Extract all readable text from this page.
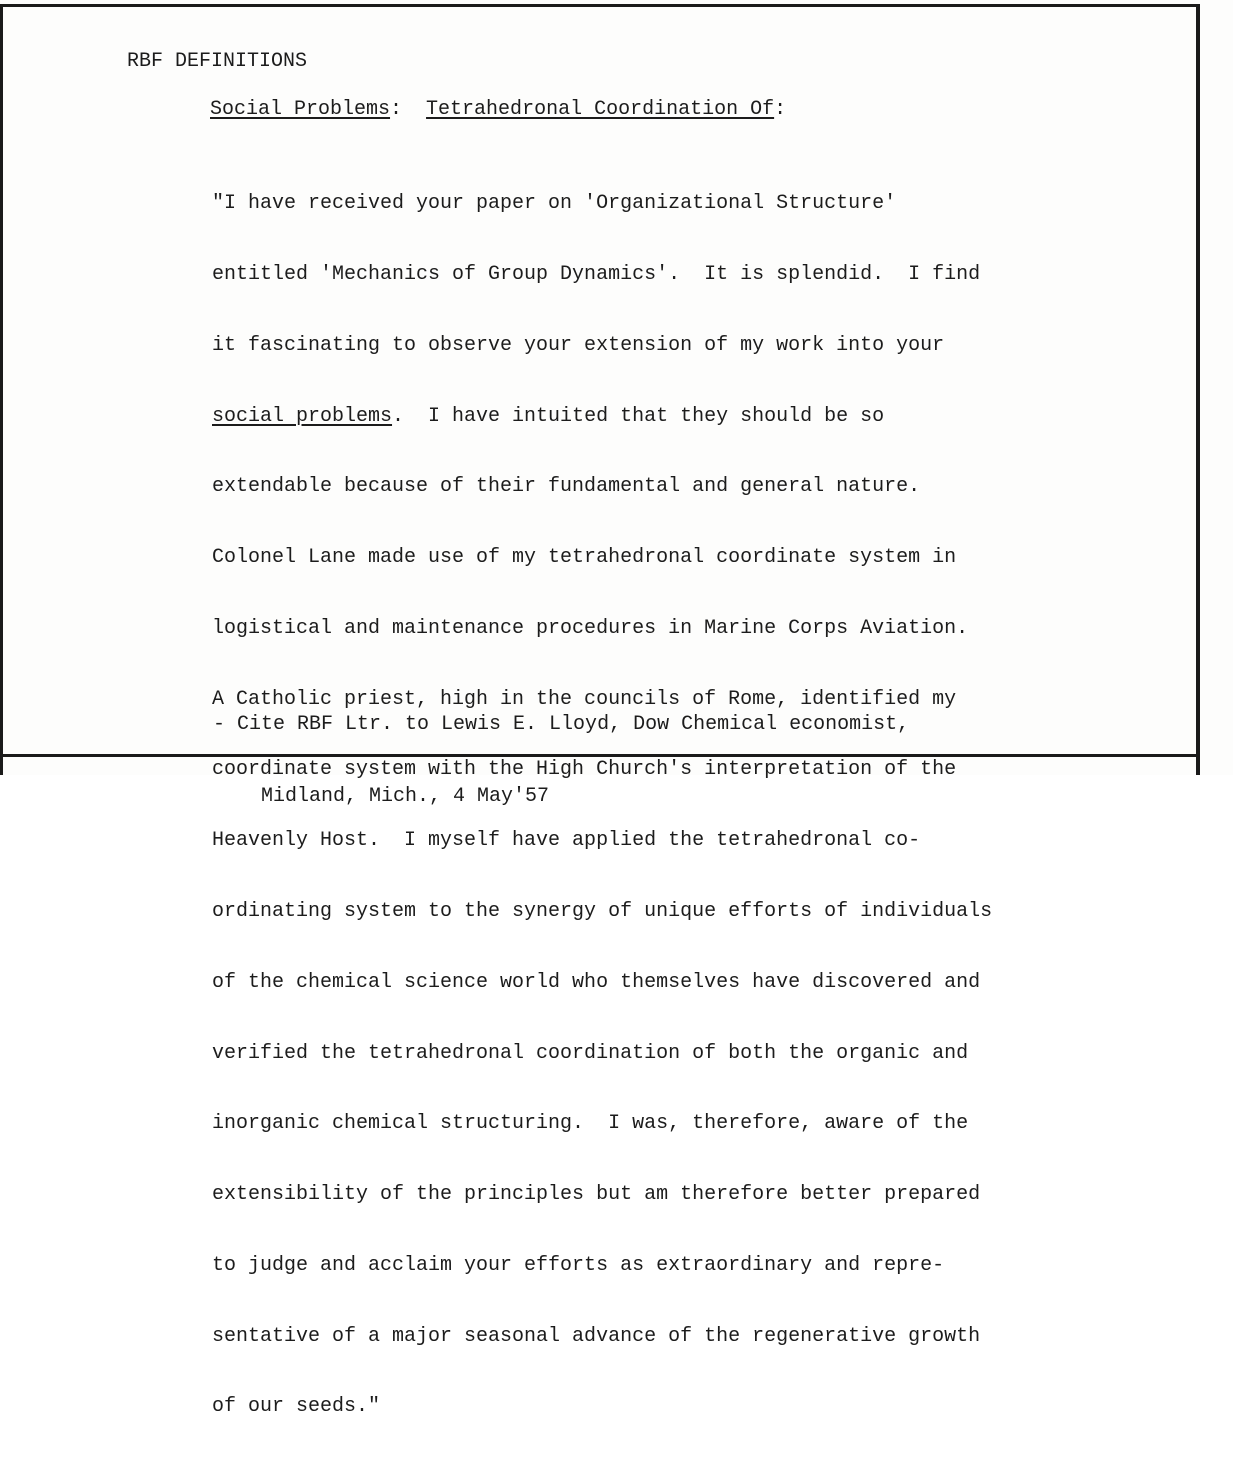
RBF DEFINITIONS
Social Problems:  Tetrahedronal Coordination Of:

"I have received your paper on 'Organizational Structure'

entitled 'Mechanics of Group Dynamics'.  It is splendid.  I find

it fascinating to observe your extension of my work into your

social problems.  I have intuited that they should be so

extendable because of their fundamental and general nature.

Colonel Lane made use of my tetrahedronal coordinate system in

logistical and maintenance procedures in Marine Corps Aviation.

A Catholic priest, high in the councils of Rome, identified my

coordinate system with the High Church's interpretation of the

Heavenly Host.  I myself have applied the tetrahedronal co-

ordinating system to the synergy of unique efforts of individuals

of the chemical science world who themselves have discovered and

verified the tetrahedronal coordination of both the organic and

inorganic chemical structuring.  I was, therefore, aware of the

extensibility of the principles but am therefore better prepared

to judge and acclaim your efforts as extraordinary and repre-

sentative of a major seasonal advance of the regenerative growth

of our seeds."

- Cite RBF Ltr. to Lewis E. Lloyd, Dow Chemical economist,

Midland, Mich., 4 May'57
